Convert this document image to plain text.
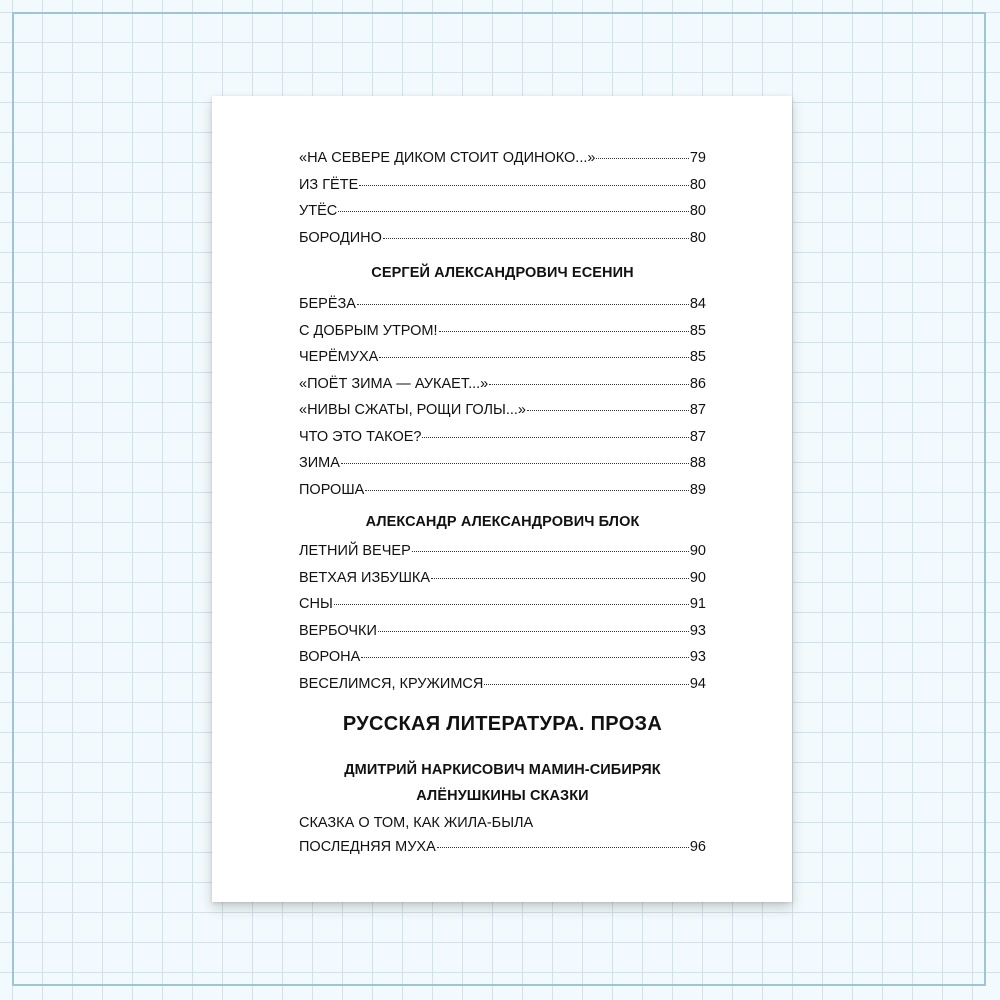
«НА СЕВЕРЕ ДИКОМ СТОИТ ОДИНОКО...»	79
ИЗ ГЁТЕ	80
УТЁС	80
БОРОДИНО	80
СЕРГЕЙ АЛЕКСАНДРОВИЧ ЕСЕНИН
БЕРЁЗА	84
С ДОБРЫМ УТРОМ!	85
ЧЕРЁМУХА	85
«ПОЁТ ЗИМА — АУКАЕТ...»	86
«НИВЫ СЖАТЫ, РОЩИ ГОЛЫ...»	87
ЧТО ЭТО ТАКОЕ?	87
ЗИМА	88
ПОРОША	89
АЛЕКСАНДР АЛЕКСАНДРОВИЧ БЛОК
ЛЕТНИЙ ВЕЧЕР	90
ВЕТХАЯ ИЗБУШКА	90
СНЫ	91
ВЕРБОЧКИ	93
ВОРОНА	93
ВЕСЕЛИМСЯ, КРУЖИМСЯ	94
РУССКАЯ ЛИТЕРАТУРА. ПРОЗА
ДМИТРИЙ НАРКИСОВИЧ МАМИН-СИБИРЯК
АЛЁНУШКИНЫ СКАЗКИ
СКАЗКА О ТОМ, КАК ЖИЛА-БЫЛА
ПОСЛЕДНЯЯ МУХА	96
